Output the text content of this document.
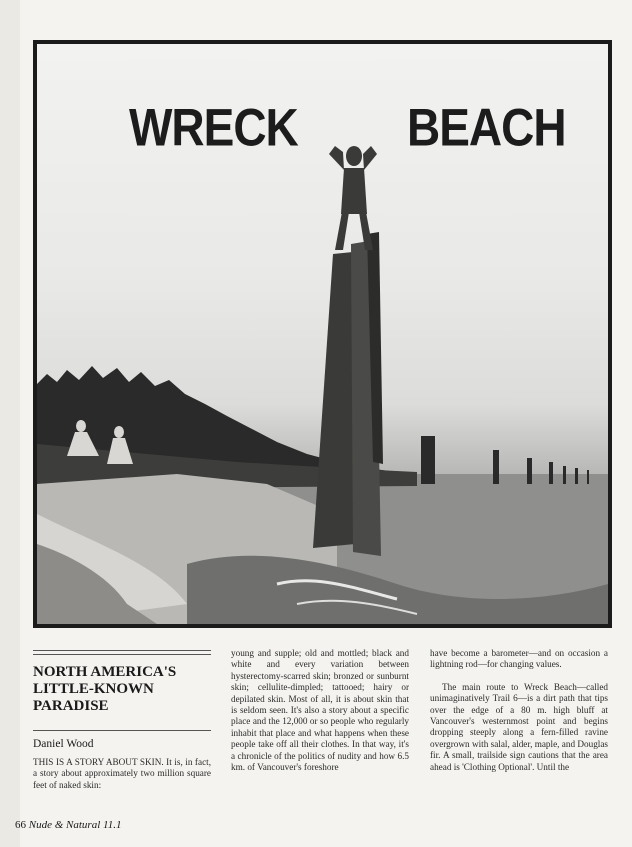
WRECK BEACH
NORTH AMERICA'S LITTLE-KNOWN PARADISE
Daniel Wood

THIS IS A STORY ABOUT SKIN. It is, in fact, a story about approximately two million square feet of naked skin:

young and supple; old and mottled; black and white and every variation between hysterectomy-scarred skin; bronzed or sunburnt skin; cellulite-dimpled; tattooed; hairy or depilated skin. Most of all, it is about skin that is seldom seen. It's also a story about a specific place and the 12,000 or so people who regularly inhabit that place and what happens when these people take off all their clothes. In that way, it's a chronicle of the politics of nudity and how 6.5 km. of Vancouver's foreshore

have become a barometer—and on occasion a lightning rod—for changing values.

The main route to Wreck Beach—called unimaginatively Trail 6—is a dirt path that tips over the edge of a 80 m. high bluff at Vancouver's westernmost point and begins dropping steeply along a fern-filled ravine overgrown with salal, alder, maple, and Douglas fir. A small, trailside sign cautions that the area ahead is 'Clothing Optional'. Until the

66 Nude & Natural 11.1
